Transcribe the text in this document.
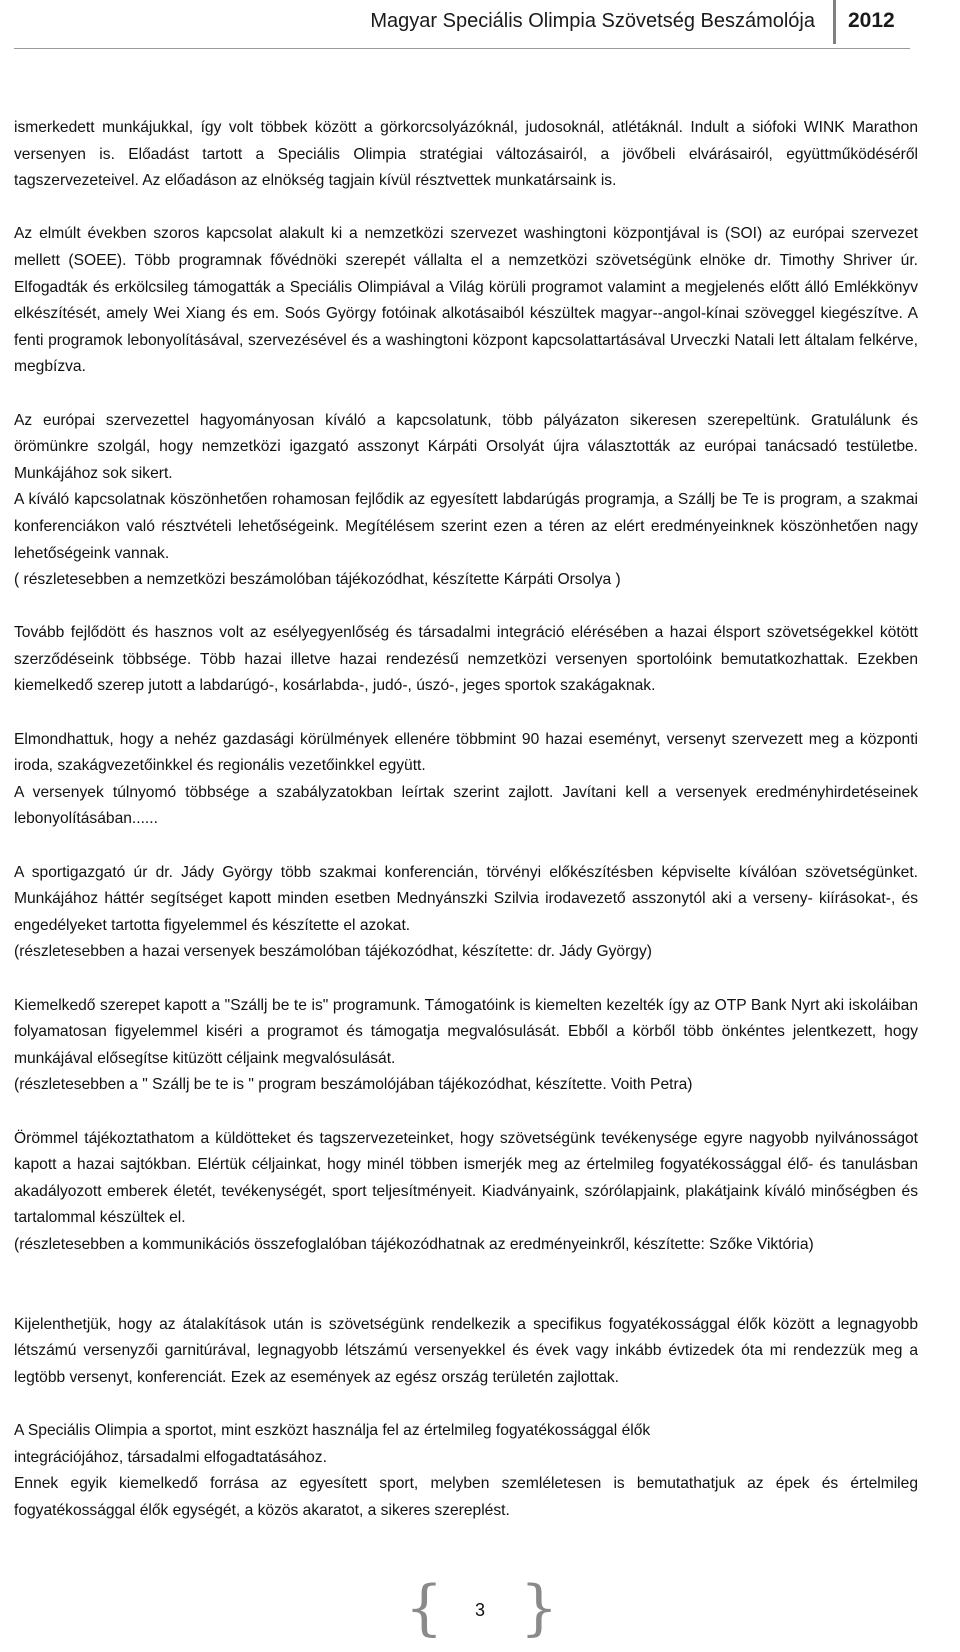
Magyar Speciális Olimpia Szövetség Beszámolója 2012

ismerkedett munkájukkal, így volt többek között a görkorcsolyázóknál, judosoknál, atlétáknál. Indult a siófoki WINK Marathon versenyen is. Előadást tartott a Speciális Olimpia stratégiai változásairól, a jövőbeli elvárásairól, együttműködéséről tagszervezeteivel. Az előadáson az elnökség tagjain kívül résztvettek munkatársaink is.

Az elmúlt években szoros kapcsolat alakult ki a nemzetközi szervezet washingtoni központjával is (SOI) az európai szervezet mellett (SOEE). Több programnak fővédnöki szerepét vállalta el a nemzetközi szövetségünk elnöke dr. Timothy Shriver úr. Elfogadták és erkölcsileg támogatták a Speciális Olimpiával a Világ körüli programot valamint a megjelenés előtt álló Emlékkönyv elkészítését, amely Wei Xiang és em. Soós György fotóinak alkotásaiból készültek magyar--angol-kínai szöveggel kiegészítve. A fenti programok lebonyolításával, szervezésével és a washingtoni központ kapcsolattartásával Urveczki Natali lett általam felkérve, megbízva.

Az európai szervezettel hagyományosan kíváló a kapcsolatunk, több pályázaton sikeresen szerepeltünk. Gratulálunk és örömünkre szolgál, hogy nemzetközi igazgató asszonyt Kárpáti Orsolyát újra választották az európai tanácsadó testületbe. Munkájához sok sikert.

A kíváló kapcsolatnak köszönhetően rohamosan fejlődik az egyesített labdarúgás programja, a Szállj be Te is program, a szakmai konferenciákon való résztvételi lehetőségeink. Megítélésem szerint ezen a téren az elért eredményeinknek köszönhetően nagy lehetőségeink vannak.

( részletesebben a nemzetközi beszámolóban tájékozódhat, készítette Kárpáti Orsolya )

Tovább fejlődött és hasznos volt az esélyegyenlőség és társadalmi integráció elérésében a hazai élsport szövetségekkel kötött szerződéseink többsége. Több hazai illetve hazai rendezésű nemzetközi versenyen sportolóink bemutatkozhattak. Ezekben kiemelkedő szerep jutott a labdarúgó-, kosárlabda-, judó-, úszó-, jeges sportok szakágaknak.

Elmondhattuk, hogy a nehéz gazdasági körülmények ellenére többmint 90 hazai eseményt, versenyt szervezett meg a központi iroda, szakágvezetőinkkel és regionális vezetőinkkel együtt.

A versenyek túlnyomó többsége a szabályzatokban leírtak szerint zajlott. Javítani kell a versenyek eredményhirdetéseinek lebonyolításában......

A sportigazgató úr dr. Jády György több szakmai konferencián, törvényi előkészítésben képviselte kíválóan szövetségünket. Munkájához háttér segítséget kapott minden esetben Mednyánszki Szilvia irodavezető asszonytól aki a verseny- kiírásokat-, és engedélyeket tartotta figyelemmel és készítette el azokat.

(részletesebben a hazai versenyek beszámolóban tájékozódhat, készítette: dr. Jády György)

Kiemelkedő szerepet kapott a "Szállj be te is" programunk. Támogatóink is kiemelten kezelték így az OTP Bank Nyrt aki iskoláiban folyamatosan figyelemmel kiséri a programot és támogatja megvalósulását. Ebből a körből több önkéntes jelentkezett, hogy munkájával elősegítse kitüzött céljaink megvalósulását.

(részletesebben a " Szállj be te is " program beszámolójában tájékozódhat, készítette. Voith Petra)

Örömmel tájékoztathatom a küldötteket és tagszervezeteinket, hogy szövetségünk tevékenysége egyre nagyobb nyilvánosságot kapott a hazai sajtókban. Elértük céljainkat, hogy minél többen ismerjék meg az értelmileg fogyatékossággal élő- és tanulásban akadályozott emberek életét, tevékenységét, sport teljesítményeit. Kiadványaink, szórólapjaink, plakátjaink kíváló minőségben és tartalommal készültek el.

(részletesebben a kommunikációs összefoglalóban tájékozódhatnak az eredményeinkről, készítette: Szőke Viktória)

Kijelenthetjük, hogy az átalakítások után is szövetségünk rendelkezik a specifikus fogyatékossággal élők között a legnagyobb létszámú versenyzői garnitúrával, legnagyobb létszámú versenyekkel és évek vagy inkább évtizedek óta mi rendezzük meg a legtöbb versenyt, konferenciát. Ezek az események az egész ország területén zajlottak.

A Speciális Olimpia a sportot, mint eszközt használja fel az értelmileg fogyatékossággal élők

integrációjához, társadalmi elfogadtatásához.

Ennek egyik kiemelkedő forrása az egyesített sport, melyben szemléletesen is bemutathatjuk az épek és értelmileg fogyatékossággal élők egységét, a közös akaratot, a sikeres szereplést.

{ }
3
